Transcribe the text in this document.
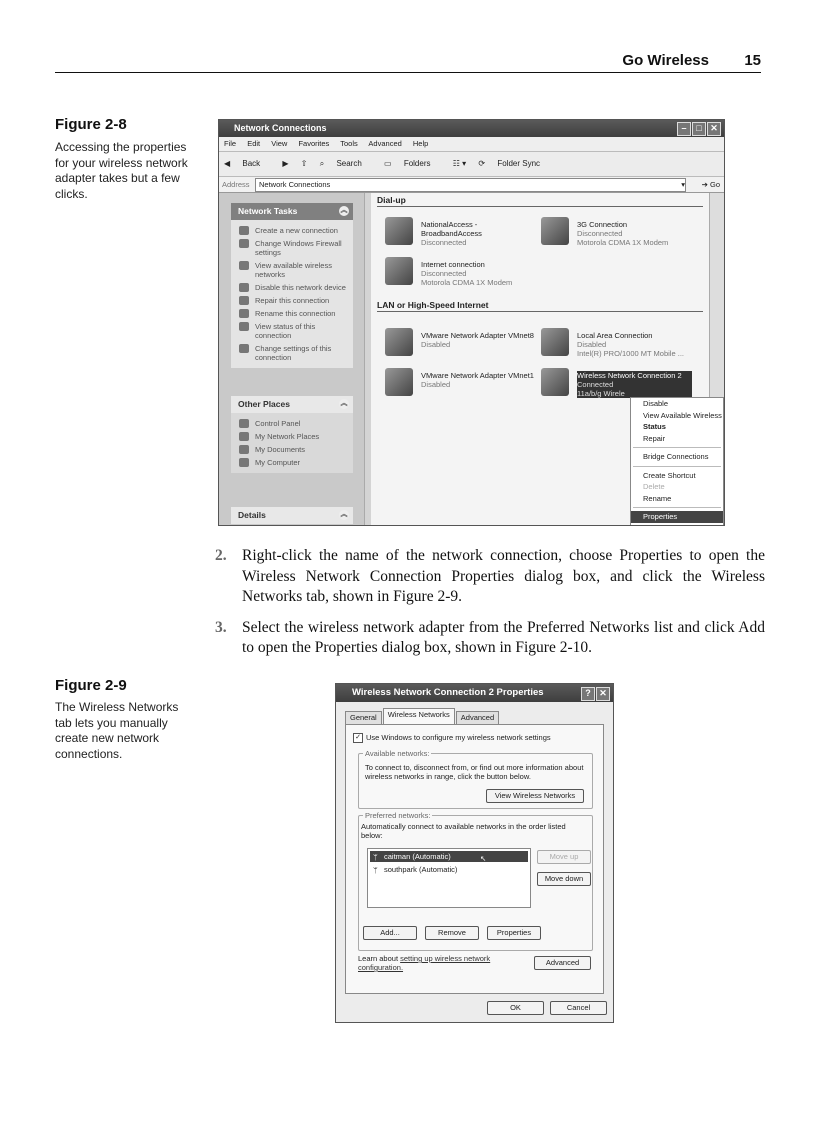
Go Wireless 15
Figure 2-8
Accessing the properties for your wireless network adapter takes but a few clicks.
Network Connections	–	□ ✕
File Edit View Favorites Tools Advanced Help
◀ Back	▶ ⇧ ⌕ Search	▭ Folders	☷ ▾ ⟳ Folder Sync
Address	Network Connections	▾ ➔ Go
Network Tasks	︽
Create a new connection
Change Windows Firewall settings
View available wireless networks
Disable this network device
Repair this connection
Rename this connection
View status of this connection
Change settings of this connection
Other Places	︽
Control Panel
My Network Places
My Documents
My Computer
Details	︽
Dial-up
NationalAccess - BroadbandAccess
Disconnected
3G Connection
Disconnected
Motorola CDMA 1X Modem
Internet connection
Disconnected
Motorola CDMA 1X Modem
LAN or High-Speed Internet
VMware Network Adapter VMnet8
Disabled
Local Area Connection
Disabled
Intel(R) PRO/1000 MT Mobile ...
VMware Network Adapter VMnet1
Disabled
Wireless Network Connection 2
Connected
11a/b/g Wirele
Disable
View Available Wireless
Status
Repair
Bridge Connections
Create Shortcut
Delete
Rename
Properties
2. Right-click the name of the network connection, choose Properties to open the Wireless Network Connection Properties dialog box, and click the Wireless Networks tab, shown in Figure 2-9.
3. Select the wireless network adapter from the Preferred Networks list and click Add to open the Properties dialog box, shown in Figure 2-10.
Figure 2-9
The Wireless Networks tab lets you manually create new network connections.
Wireless Network Connection 2 Properties	? ✕
General	Wireless Networks	Advanced
✓ Use Windows to configure my wireless network settings
Available networks:
To connect to, disconnect from, or find out more information about wireless networks in range, click the button below.
View Wireless Networks
Preferred networks:
Automatically connect to available networks in the order listed below:
ᛘ caitman (Automatic)	↖
ᛘ southpark (Automatic)
Move up
Move down
Add...	Remove	Properties
Learn about setting up wireless network configuration.
Advanced
OK	Cancel
